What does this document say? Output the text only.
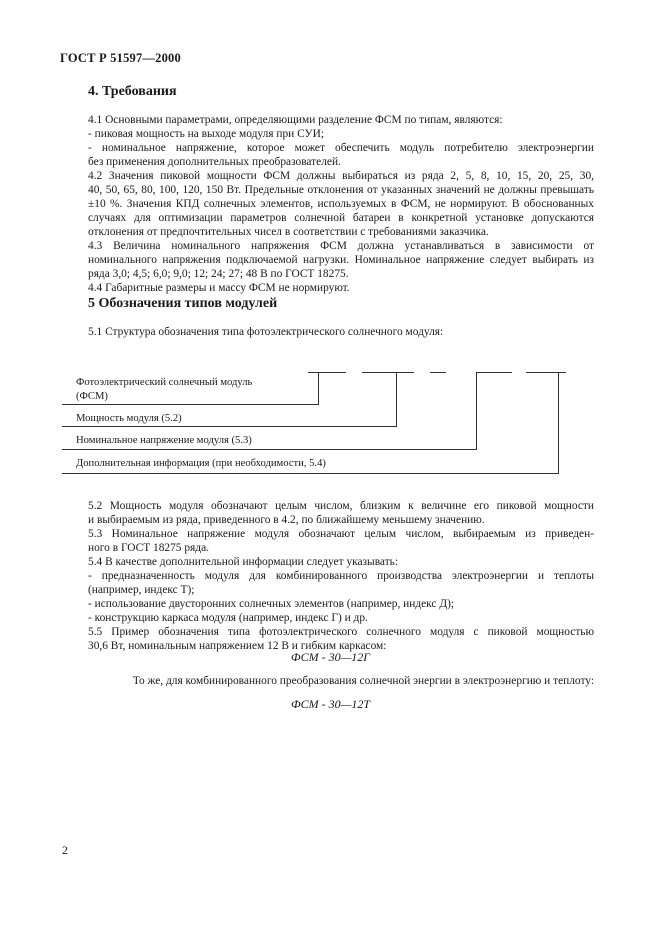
ГОСТ Р 51597—2000
4. Требования

4.1 Основными параметрами, определяющими разделение ФСМ по типам, являются:

- пиковая мощность на выходе модуля при СУИ;

- номинальное напряжение, которое может обеспечить модуль потребителю электроэнергии
без применения дополнительных преобразователей.

4.2 Значения пиковой мощности ФСМ должны выбираться из ряда 2, 5, 8, 10, 15, 20, 25, 30,
40, 50, 65, 80, 100, 120, 150 Вт. Предельные отклонения от указанных значений не должны превышать
±10 %. Значения КПД солнечных элементов, используемых в ФСМ, не нормируют. В обоснованных
случаях для оптимизации параметров солнечной батареи в конкретной установке допускаются
отклонения от предпочтительных чисел в соответствии с требованиями заказчика.

4.3 Величина номинального напряжения ФСМ должна устанавливаться в зависимости от
номинального напряжения подключаемой нагрузки. Номинальное напряжение следует выбирать из
ряда 3,0; 4,5; 6,0; 9,0; 12; 24; 27; 48 В по ГОСТ 18275.

4.4 Габаритные размеры и массу ФСМ не нормируют.

5 Обозначения типов модулей

5.1 Структура обозначения типа фотоэлектрического солнечного модуля:

Фотоэлектрический солнечный модуль
(ФСМ)
Мощность модуля (5.2)
Номинальное напряжение модуля (5.3)
Дополнительная информация (при необходимости, 5.4)

5.2 Мощность модуля обозначают целым числом, близким к величине его пиковой мощности
и выбираемым из ряда, приведенного в 4.2, по ближайшему меньшему значению.

5.3 Номинальное напряжение модуля обозначают целым числом, выбираемым из приведен-
ного в ГОСТ 18275 ряда.

5.4 В качестве дополнительной информации следует указывать:

- предназначенность модуля для комбинированного производства электроэнергии и теплоты
(например, индекс Т);

- использование двусторонних солнечных элементов (например, индекс Д);

- конструкцию каркаса модуля (например, индекс Г) и др.

5.5 Пример обозначения типа фотоэлектрического солнечного модуля с пиковой мощностью
30,6 Вт, номинальным напряжением 12 В и гибким каркасом:

ФСМ - 30—12Г
То же, для комбинированного преобразования солнечной энергии в электроэнергию и теплоту:
ФСМ - 30—12Т
2
